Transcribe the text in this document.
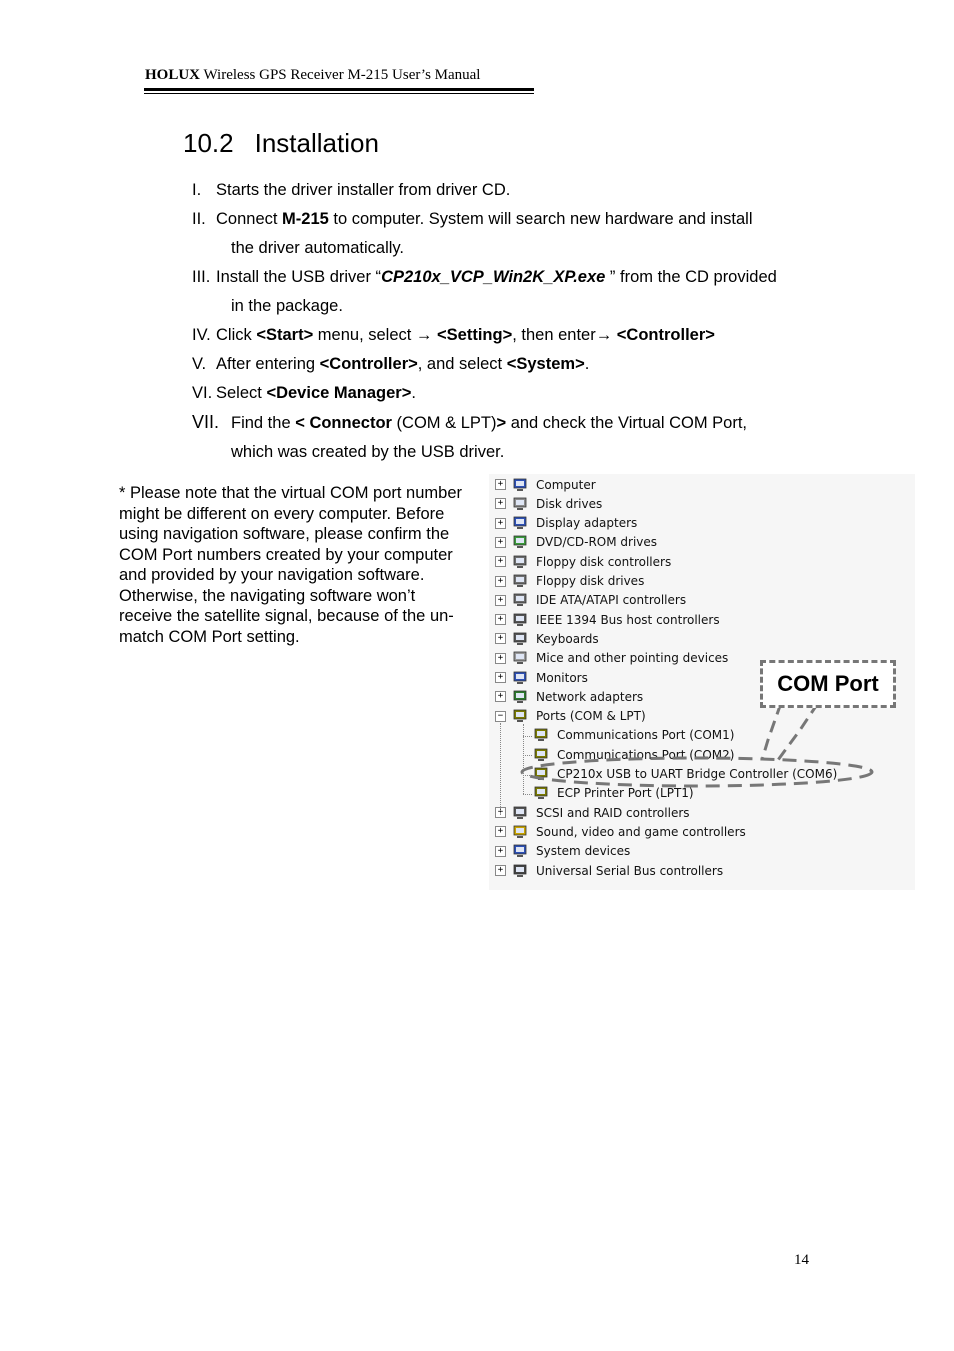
HOLUX Wireless GPS Receiver M-215 User’s Manual
10.2 Installation
I. Starts the driver installer from driver CD.
II. Connect M-215 to computer. System will search new hardware and install
the driver automatically.
III. Install the USB driver “CP210x_VCP_Win2K_XP.exe ” from the CD provided
in the package.
IV. Click <Start> menu, select → <Setting>, then enter→ <Controller>
V. After entering <Controller>, and select <System>.
VI. Select <Device Manager>.
VII. Find the < Connector (COM & LPT)> and check the Virtual COM Port,
which was created by the USB driver.
* Please note that the virtual COM port number might be different on every computer. Before using navigation software, please confirm the COM Port numbers created by your computer and provided by your navigation software. Otherwise, the navigating software won’t receive the satellite signal, because of the un-match COM Port setting.
+	Computer
+	Disk drives
+	Display adapters
+	DVD/CD-ROM drives
+	Floppy disk controllers
+	Floppy disk drives
+	IDE ATA/ATAPI controllers
+	IEEE 1394 Bus host controllers
+	Keyboards
+	Mice and other pointing devices
+	Monitors
+	Network adapters
−	Ports (COM & LPT)
Communications Port (COM1)
Communications Port (COM2)
CP210x USB to UART Bridge Controller (COM6)
ECP Printer Port (LPT1)
+	SCSI and RAID controllers
+	Sound, video and game controllers
+	System devices
+	Universal Serial Bus controllers
COM Port
14
